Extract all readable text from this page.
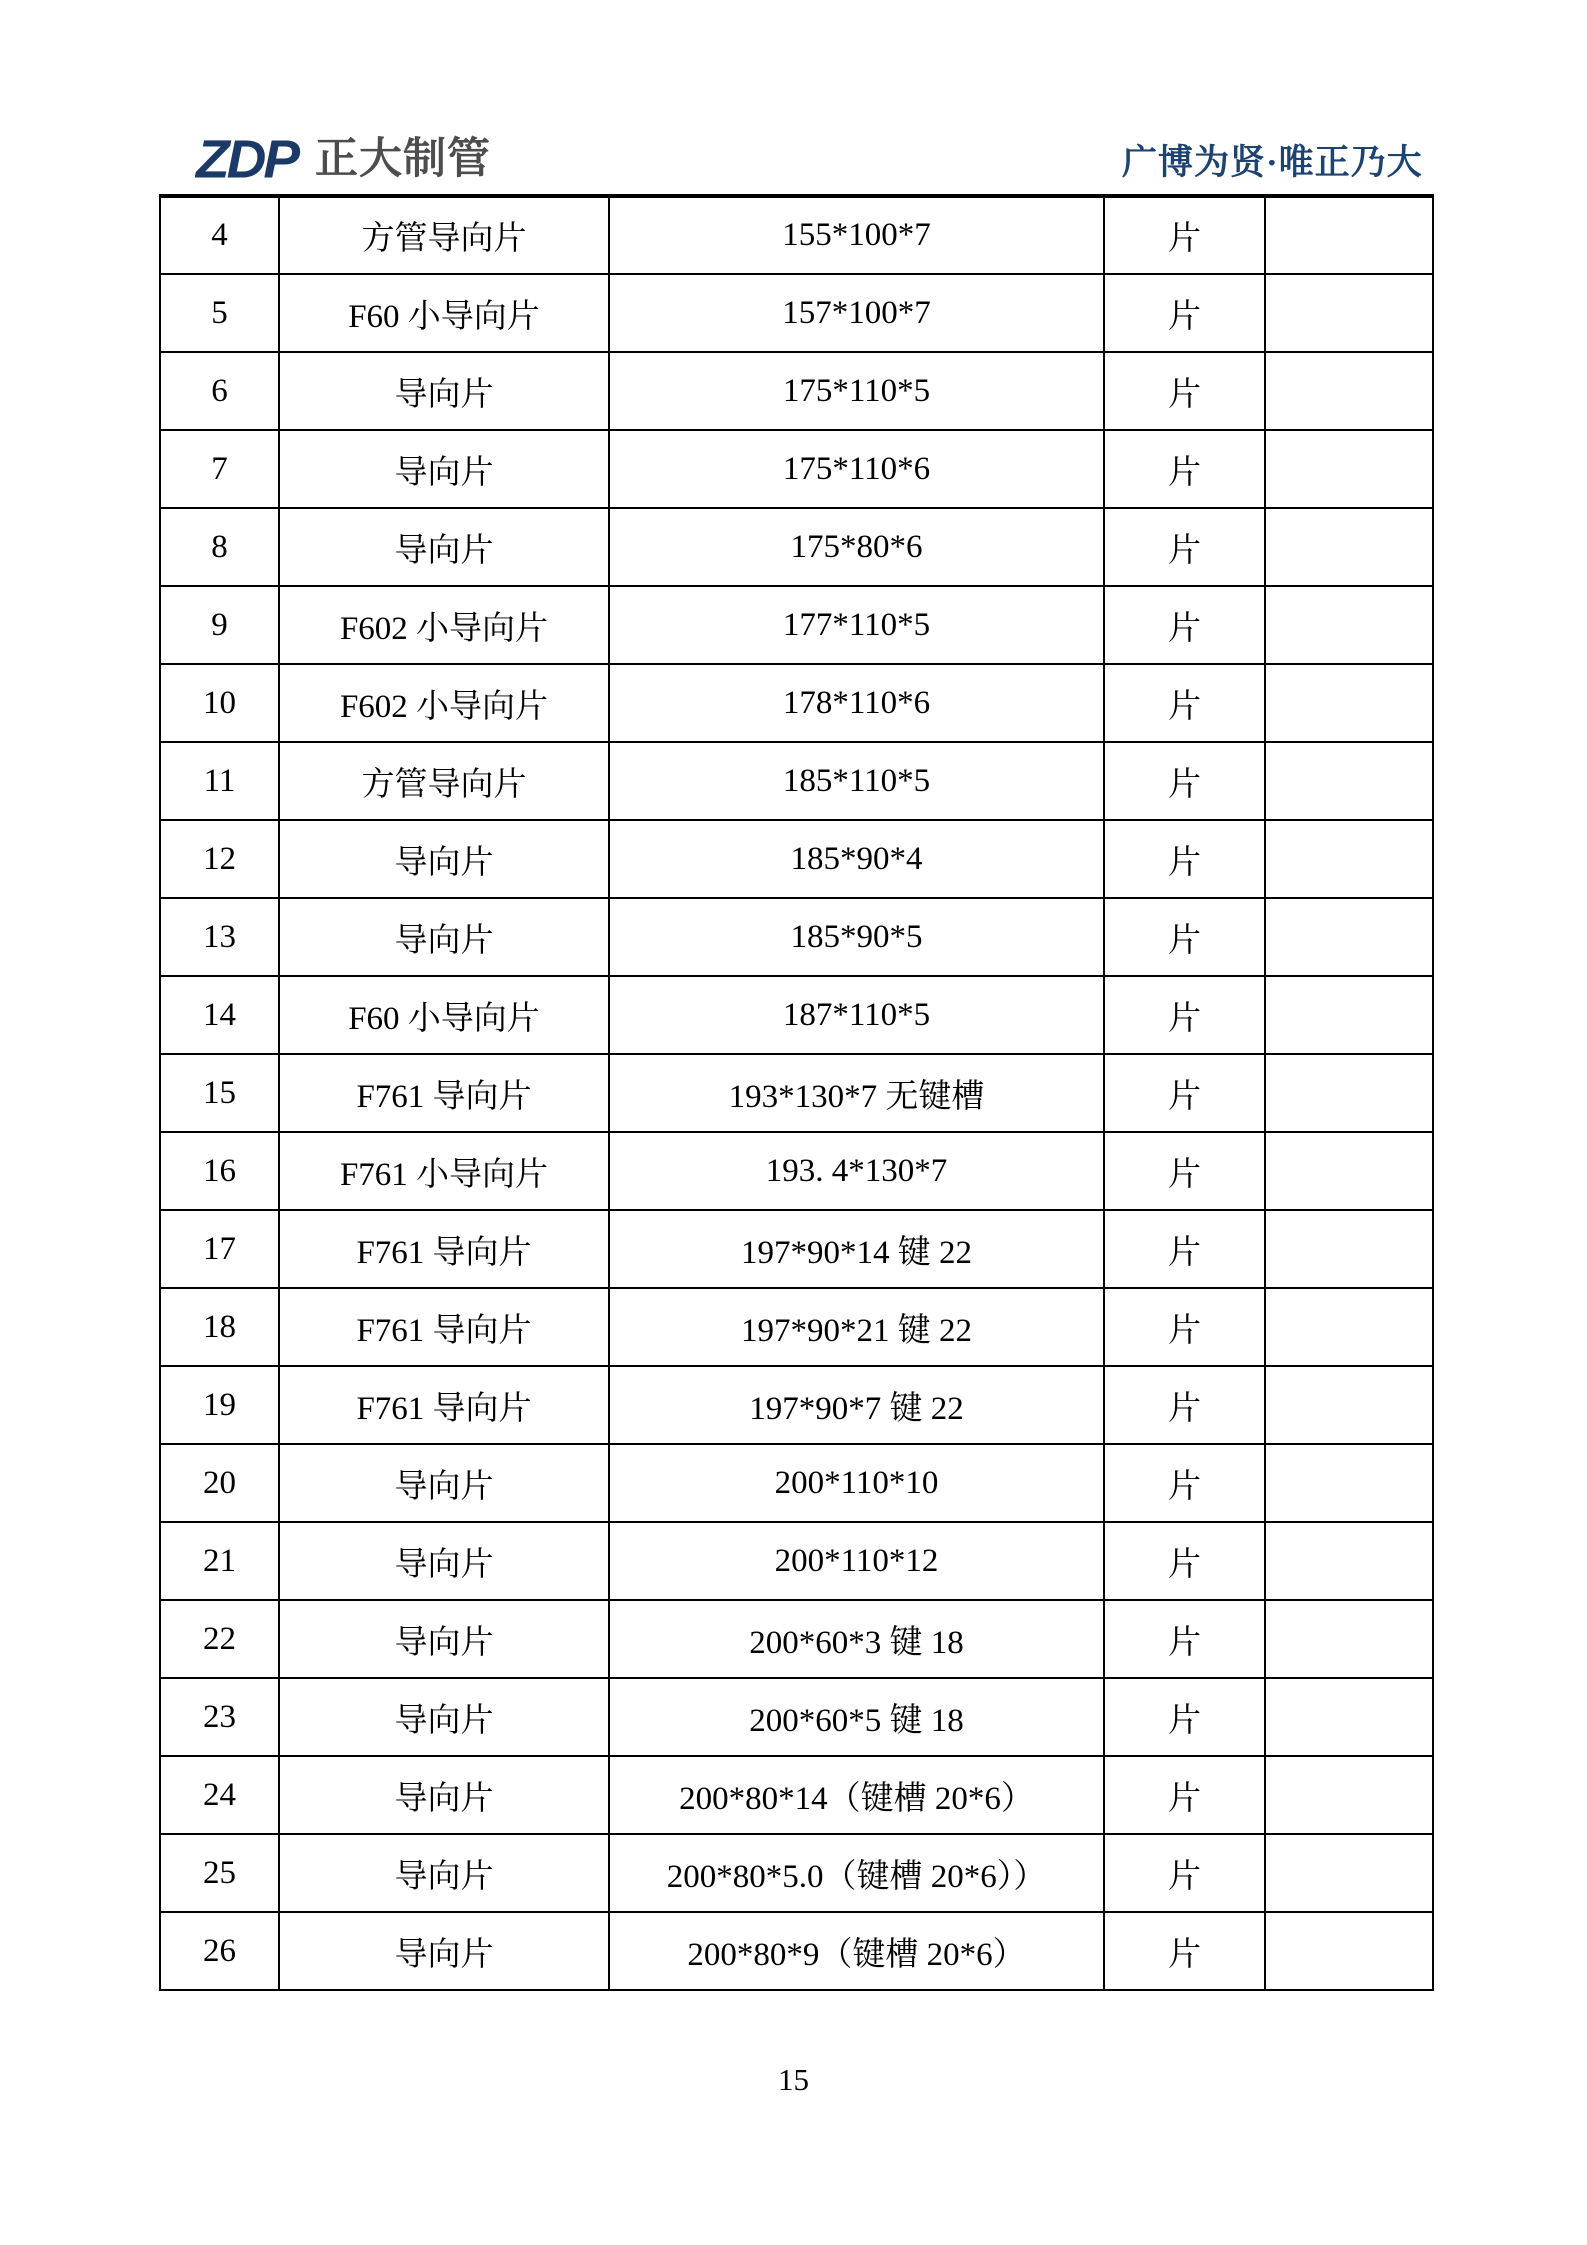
ZDP 正大制管	广博为贤·唯正乃大
4	方管导向片	155*100*7	片	
5	F60 小导向片	157*100*7	片	
6	导向片	175*110*5	片	
7	导向片	175*110*6	片	
8	导向片	175*80*6	片	
9	F602 小导向片	177*110*5	片	
10	F602 小导向片	178*110*6	片	
11	方管导向片	185*110*5	片	
12	导向片	185*90*4	片	
13	导向片	185*90*5	片	
14	F60 小导向片	187*110*5	片	
15	F761 导向片	193*130*7 无键槽	片	
16	F761 小导向片	193. 4*130*7	片	
17	F761 导向片	197*90*14 键 22	片	
18	F761 导向片	197*90*21 键 22	片	
19	F761 导向片	197*90*7 键 22	片	
20	导向片	200*110*10	片	
21	导向片	200*110*12	片	
22	导向片	200*60*3 键 18	片	
23	导向片	200*60*5 键 18	片	
24	导向片	200*80*14（键槽 20*6）	片	
25	导向片	200*80*5.0（键槽 20*6））	片	
26	导向片	200*80*9（键槽 20*6）	片	
15
